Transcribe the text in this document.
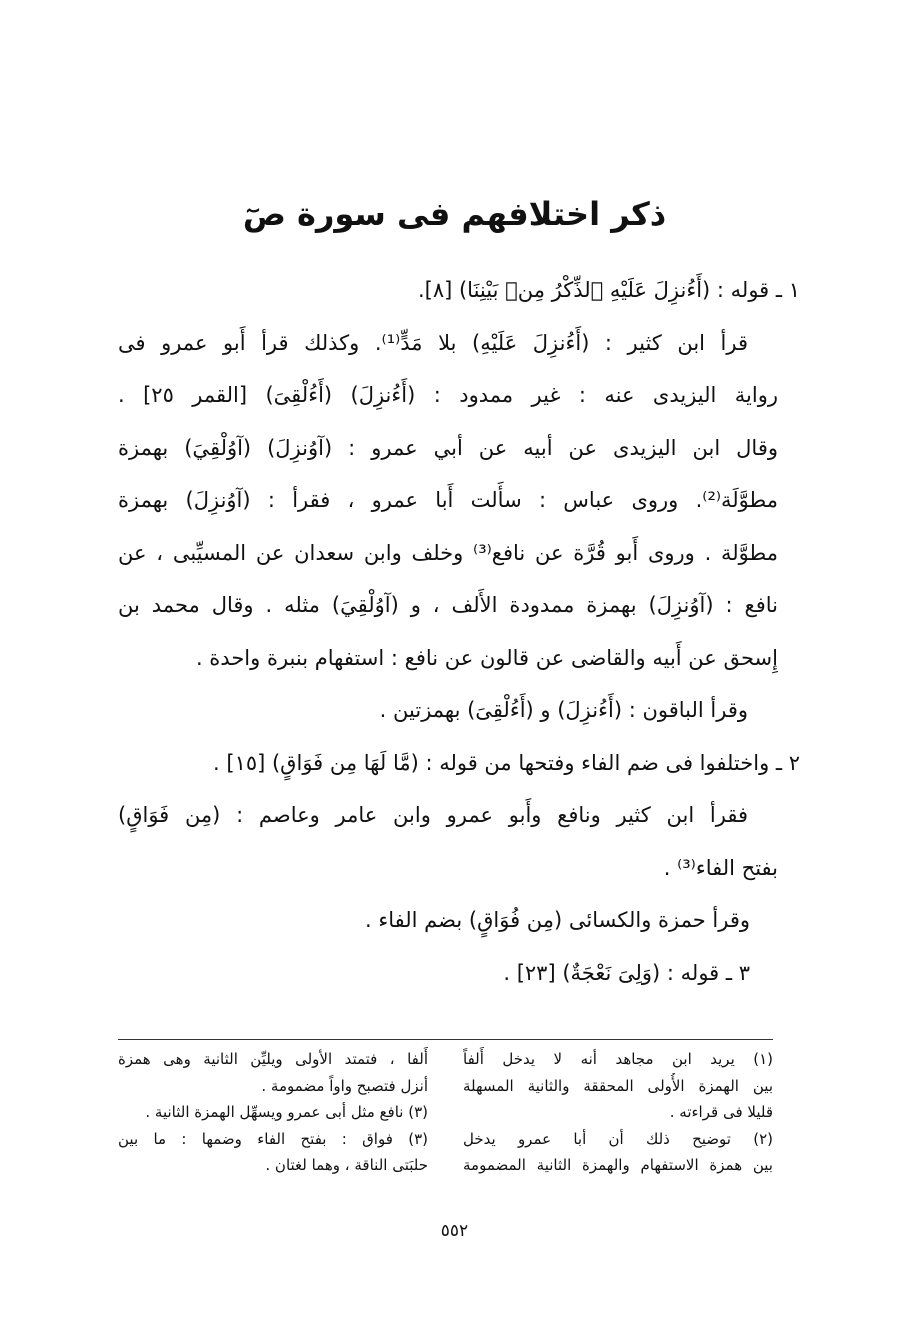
ذكر اختلافهم فى سورة صٓ
١ ـ قوله : (أَءُنزِلَ عَلَيْهِ ٱلذِّكْرُ مِنۢ بَيْنِنَا) [٨].
قرأ ابن كثير : (أَءُنزِلَ عَلَيْهِ) بلا مَدٍّ⁽¹⁾. وكذلك قرأ أَبو عمرو فى
رواية اليزيدى عنه : غير ممدود : (أَءُنزِلَ) (أَءُلْقِىَ) [القمر ٢٥] .
وقال ابن اليزيدى عن أبيه عن أبي عمرو : (آوُنزِلَ) (آوُلْقِيَ) بهمزة
مطوَّلَة⁽²⁾. وروى عباس : سأَلت أَبا عمرو ، فقرأ : (آوُنزِلَ) بهمزة
مطوَّلة . وروى أَبو قُرَّة عن نافع⁽³⁾ وخلف وابن سعدان عن المسيِّبى ، عن
نافع : (آوُنزِلَ) بهمزة ممدودة الأَلف ، و (آوُلْقِيَ) مثله . وقال محمد بن
إِسحق عن أَبيه والقاضى عن قالون عن نافع : استفهام بنبرة واحدة .
وقرأ الباقون : (أَءُنزِلَ) و (أَءُلْقِىَ) بهمزتين .
٢ ـ واختلفوا فى ضم الفاء وفتحها من قوله : (مَّا لَهَا مِن فَوَاقٍ) [١٥] .
فقرأ ابن كثير ونافع وأَبو عمرو وابن عامر وعاصم : (مِن فَوَاقٍ)
بفتح الفاء⁽³⁾ .
وقرأ حمزة والكسائى (مِن فُوَاقٍ) بضم الفاء .
٣ ـ قوله : (وَلِىَ نَعْجَةٌ) [٢٣] .
(١) يريد ابن مجاهد أنه لا يدخل أَلفاً
بين الهمزة الأُولى المحققة والثانية المسهلة
قليلا فى قراءته .
(٢) توضيح ذلك أن أبا عمرو يدخل
بين همزة الاستفهام والهمزة الثانية المضمومة
أَلفا ، فتمتد الأولى ويليِّن الثانية وهى همزة
أنزل فتصبح واواً مضمومة .
(٣) نافع مثل أبى عمرو ويسهِّل الهمزة الثانية .
(٣) فواق : بفتح الفاء وضمها : ما بين
حلبَتى الناقة ، وهما لغتان .
٥٥٢
